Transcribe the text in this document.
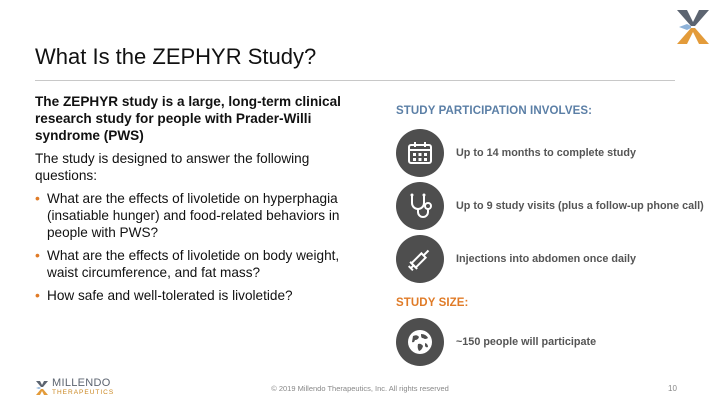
What Is the ZEPHYR Study?

The ZEPHYR study is a large, long-term clinical research study for people with Prader-Willi syndrome (PWS)

The study is designed to answer the following questions:

• What are the effects of livoletide on hyperphagia (insatiable hunger) and food-related behaviors in people with PWS?
• What are the effects of livoletide on body weight, waist circumference, and fat mass?
• How safe and well-tolerated is livoletide?

STUDY PARTICIPATION INVOLVES:

Up to 14 months to complete study
Up to 9 study visits (plus a follow-up phone call)
Injections into abdomen once daily

STUDY SIZE:

~150 people will participate
MILLENDO
THERAPEUTICS	© 2019 Millendo Therapeutics, Inc. All rights reserved	10
